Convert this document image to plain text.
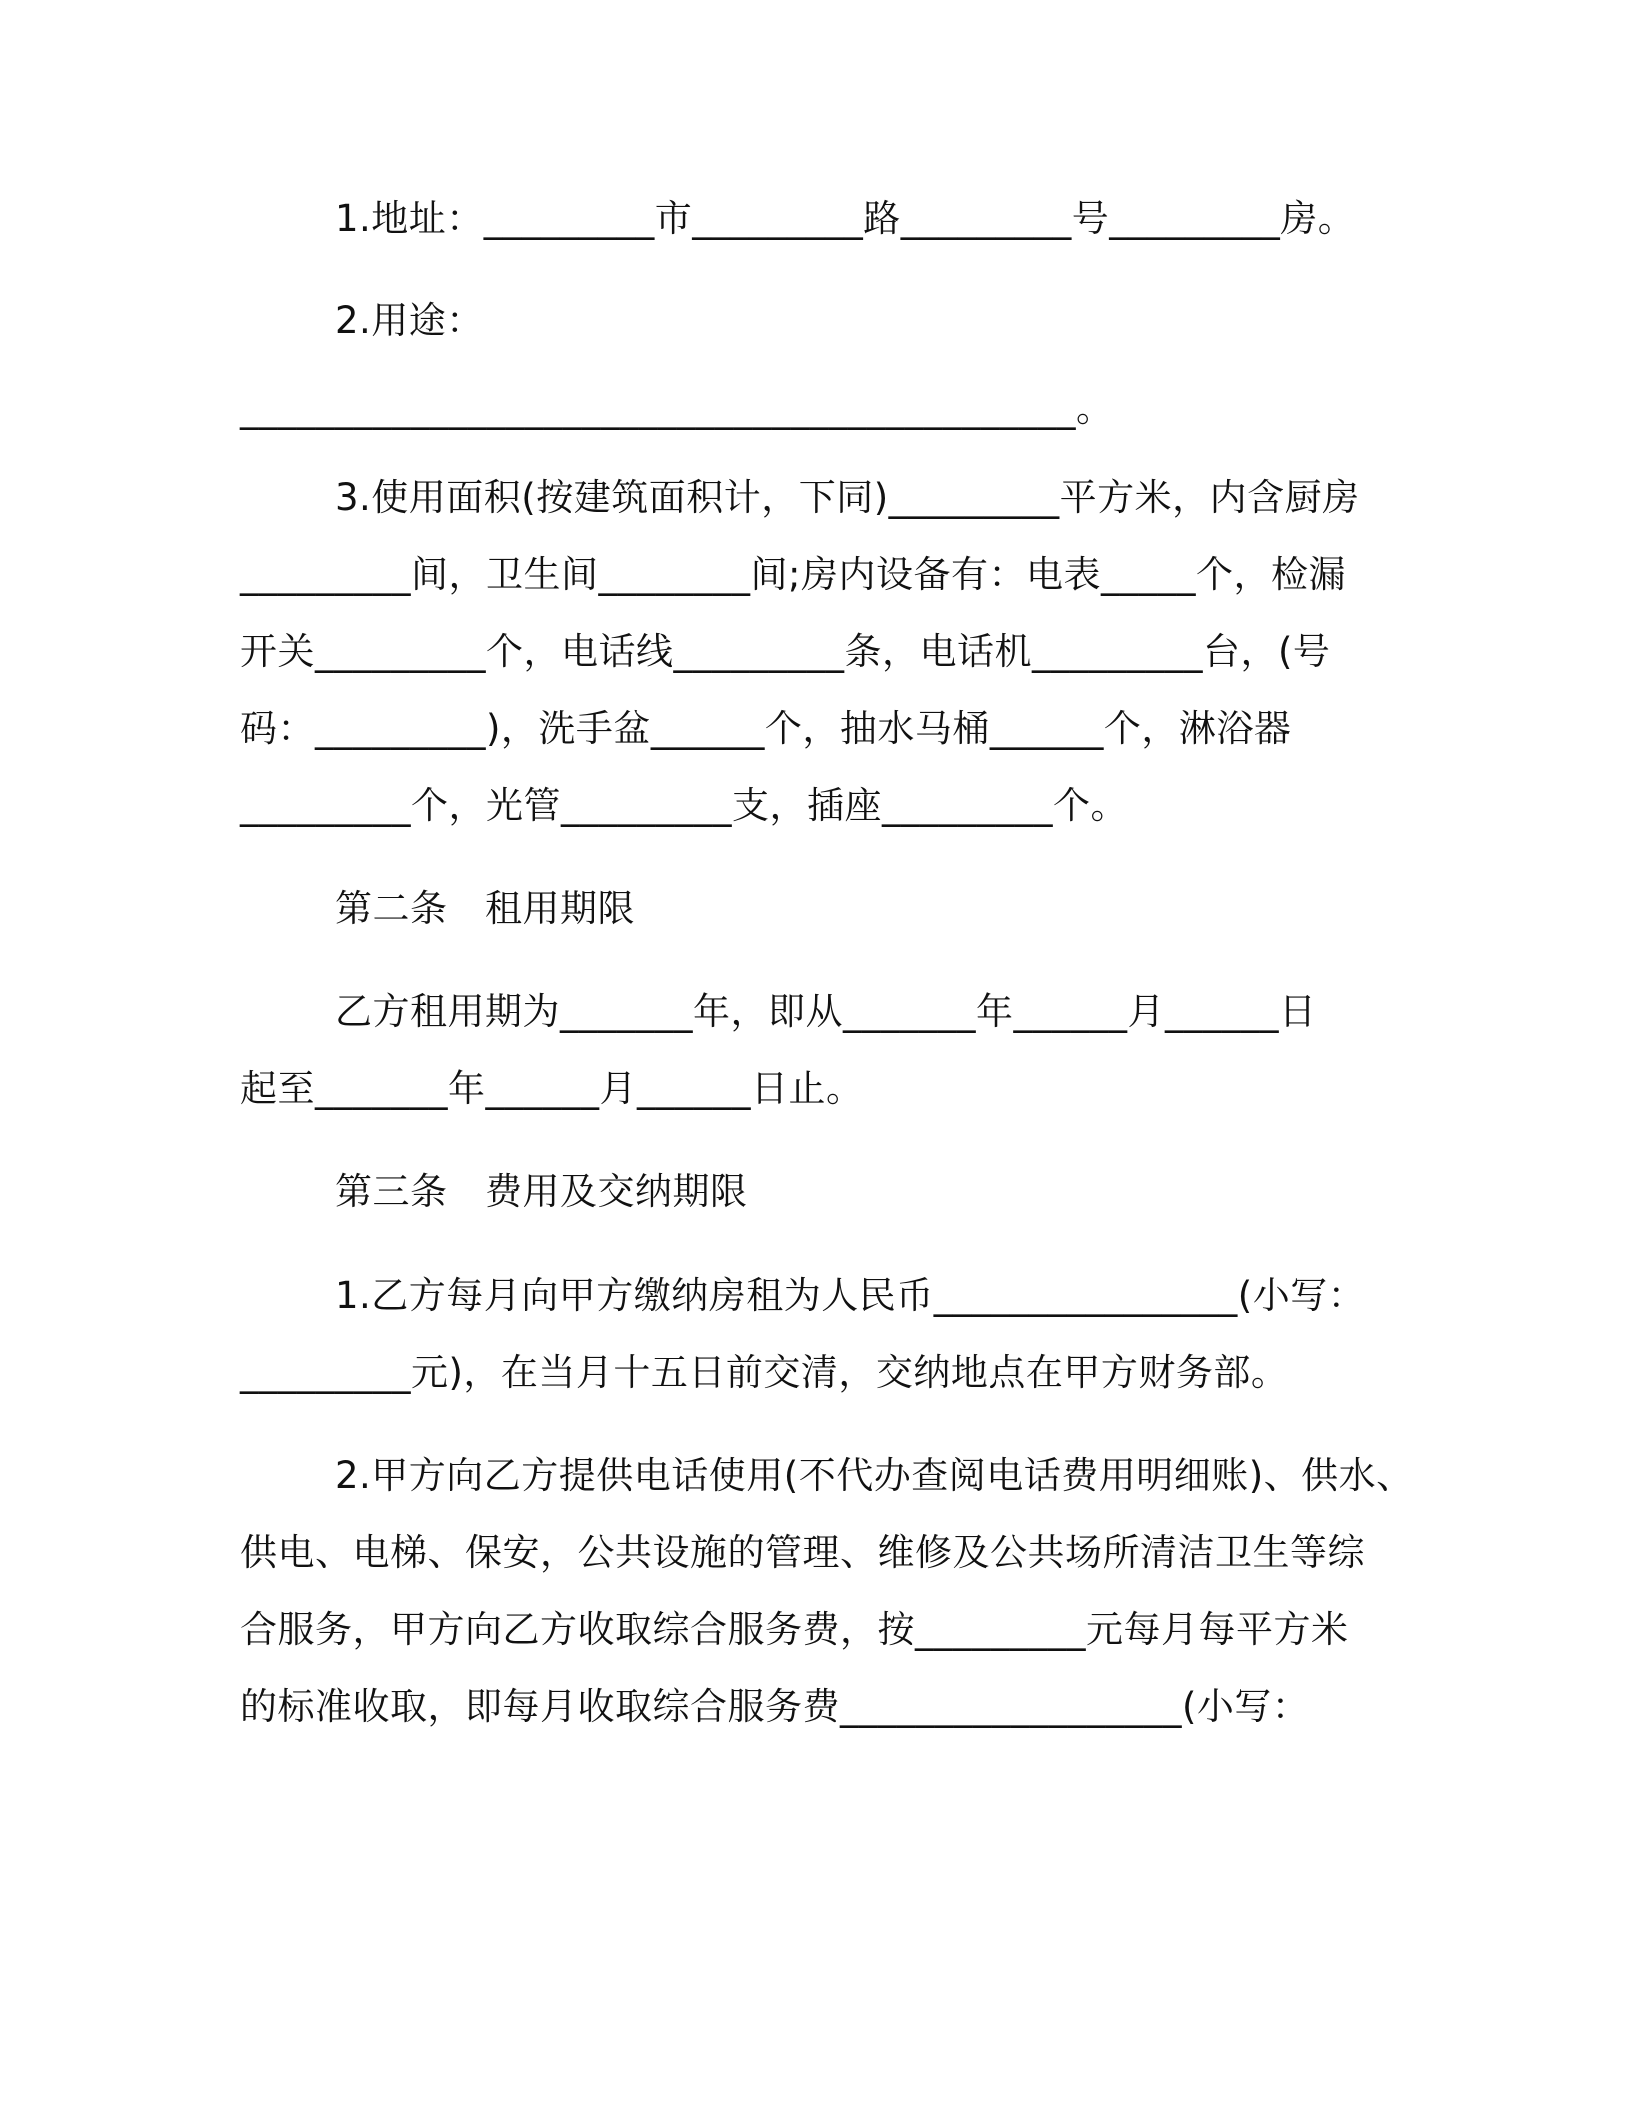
1.地址：_________市_________路_________号_________房。
2.用途：
____________________________________________。
3.使用面积(按建筑面积计，下同)_________平方米，内含厨房
_________间，卫生间________间;房内设备有：电表_____个，检漏
开关_________个，电话线_________条，电话机_________台，(号
码：_________)，洗手盆______个，抽水马桶______个，淋浴器
_________个，光管_________支，插座_________个。
第二条　租用期限
乙方租用期为_______年，即从_______年______月______日
起至_______年______月______日止。
第三条　费用及交纳期限
1.乙方每月向甲方缴纳房租为人民币________________(小写：
_________元)，在当月十五日前交清，交纳地点在甲方财务部。
2.甲方向乙方提供电话使用(不代办查阅电话费用明细账)、供水、
供电、电梯、保安，公共设施的管理、维修及公共场所清洁卫生等综
合服务，甲方向乙方收取综合服务费，按_________元每月每平方米
的标准收取，即每月收取综合服务费__________________(小写：
